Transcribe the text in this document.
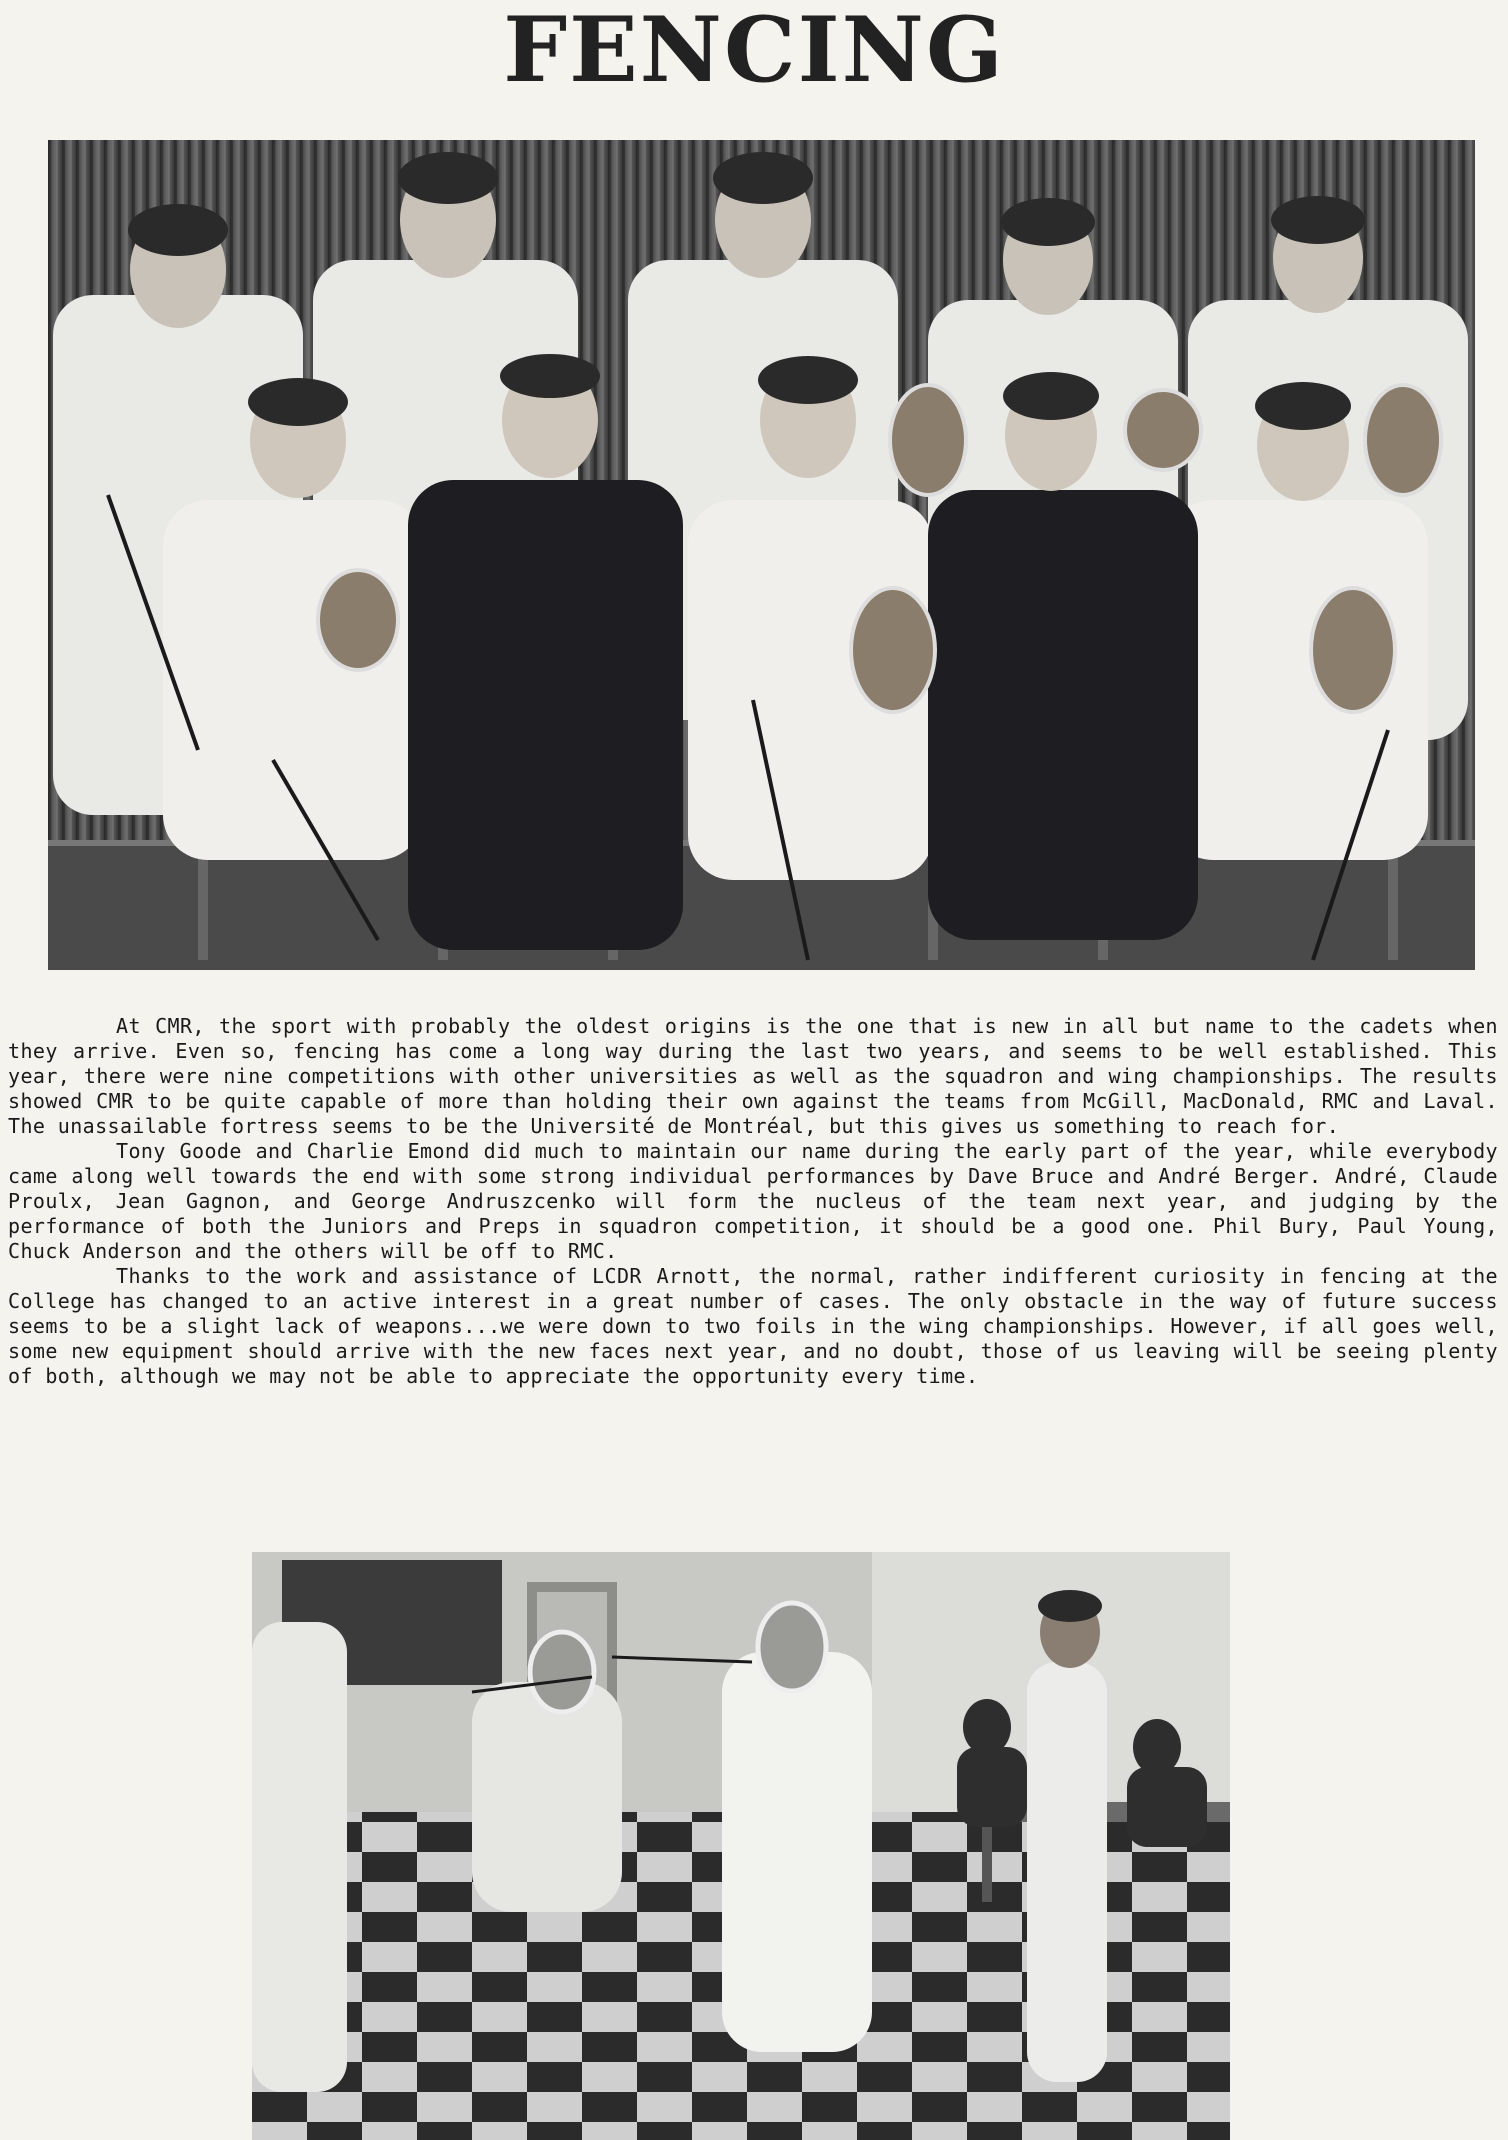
FENCING

At CMR, the sport with probably the oldest origins is the one that is new in all but name to the cadets when they arrive. Even so, fencing has come a long way during the last two years, and seems to be well established. This year, there were nine competitions with other universities as well as the squadron and wing championships. The results showed CMR to be quite capable of more than holding their own against the teams from McGill, MacDonald, RMC and Laval. The unassailable fortress seems to be the Université de Montréal, but this gives us something to reach for.

Tony Goode and Charlie Emond did much to maintain our name during the early part of the year, while everybody came along well towards the end with some strong individual performances by Dave Bruce and André Berger. André, Claude Proulx, Jean Gagnon, and George Andruszcenko will form the nucleus of the team next year, and judging by the performance of both the Juniors and Preps in squadron competition, it should be a good one. Phil Bury, Paul Young, Chuck Anderson and the others will be off to RMC.

Thanks to the work and assistance of LCDR Arnott, the normal, rather indifferent curiosity in fencing at the College has changed to an active interest in a great number of cases. The only obstacle in the way of future success seems to be a slight lack of weapons...we were down to two foils in the wing championships. However, if all goes well, some new equipment should arrive with the new faces next year, and no doubt, those of us leaving will be seeing plenty of both, although we may not be able to appreciate the opportunity every time.
